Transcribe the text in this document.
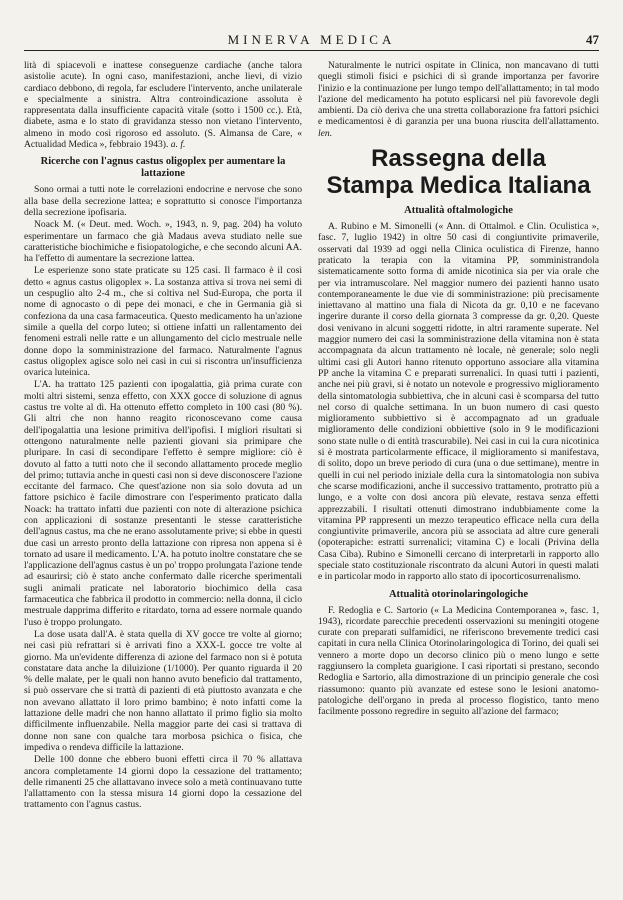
MINERVA MEDICA	47

lità di spiacevoli e inattese conseguenze cardiache (anche talora asistolie acute). In ogni caso, manifestazioni, anche lievi, di vizio cardiaco debbono, di regola, far escludere l'intervento, anche unilaterale e specialmente a sinistra. Altra controindicazione assoluta è rappresentata dalla insufficiente capacità vitale (sotto i 1500 cc.). Età, diabete, asma e lo stato di gravidanza stesso non vietano l'intervento, almeno in modo così rigoroso ed assoluto. (S. Almansa de Care, « Actualidad Medica », febbraio 1943). a. f.

Ricerche con l'agnus castus oligoplex per aumentare la lattazione

Sono ormai a tutti note le correlazioni endocrine e nervose che sono alla base della secrezione lattea; e soprattutto si conosce l'importanza della secrezione ipofisaria.

Noack M. (« Deut. med. Woch. », 1943, n. 9, pag. 204) ha voluto esperimentare un farmaco che già Madaus aveva studiato nelle sue caratteristiche biochimiche e fisiopatologiche, e che secondo alcuni AA. ha l'effetto di aumentare la secrezione lattea.

Le esperienze sono state praticate su 125 casi. Il farmaco è il così detto « agnus castus oligoplex ». La sostanza attiva si trova nei semi di un cespuglio alto 2-4 m., che si coltiva nel Sud-Europa, che porta il nome di agnocasto o di pepe dei monaci, e che in Germania già si confeziona da una casa farmaceutica. Questo medicamento ha un'azione simile a quella del corpo luteo; si ottiene infatti un rallentamento dei fenomeni estrali nelle ratte e un allungamento del ciclo mestruale nelle donne dopo la somministrazione del farmaco. Naturalmente l'agnus castus oligoplex agisce solo nei casi in cui si riscontra un'insufficienza ovarica luteinica.

L'A. ha trattato 125 pazienti con ipogalattia, già prima curate con molti altri sistemi, senza effetto, con XXX gocce di soluzione di agnus castus tre volte al dì. Ha ottenuto effetto completo in 100 casi (80 %). Gli altri che non hanno reagito riconoscevano come causa dell'ipogalattia una lesione primitiva dell'ipofisi. I migliori risultati si ottengono naturalmente nelle pazienti giovani sia primipare che pluripare. In casi di secondipare l'effetto è sempre migliore: ciò è dovuto al fatto a tutti noto che il secondo allattamento procede meglio del primo; tuttavia anche in questi casi non si deve disconoscere l'azione eccitante del farmaco. Che quest'azione non sia solo dovuta ad un fattore psichico è facile dimostrare con l'esperimento praticato dalla Noack: ha trattato infatti due pazienti con note di alterazione psichica con applicazioni di sostanze presentanti le stesse caratteristiche dell'agnus castus, ma che ne erano assolutamente prive; si ebbe in questi due casi un arresto pronto della lattazione con ripresa non appena si è tornato ad usare il medicamento. L'A. ha potuto inoltre constatare che se l'applicazione dell'agnus castus è un po' troppo prolungata l'azione tende ad esaurirsi; ciò è stato anche confermato dalle ricerche sperimentali sugli animali praticate nel laboratorio biochimico della casa farmaceutica che fabbrica il prodotto in commercio: nella donna, il ciclo mestruale dapprima differito e ritardato, torna ad essere normale quando l'uso è troppo prolungato.

La dose usata dall'A. è stata quella di XV gocce tre volte al giorno; nei casi più refrattari si è arrivati fino a XXX-L gocce tre volte al giorno. Ma un'evidente differenza di azione del farmaco non si è potuta constatare data anche la diluizione (1/1000). Per quanto riguarda il 20 % delle malate, per le quali non hanno avuto beneficio dal trattamento, si può osservare che si trattà di pazienti di età piuttosto avanzata e che non avevano allattato il loro primo bambino; è noto infatti come la lattazione delle madri che non hanno allattato il primo figlio sia molto difficilmente influenzabile. Nella maggior parte dei casi si trattava di donne non sane con qualche tara morbosa psichica o fisica, che impediva o rendeva difficile la lattazione.

Delle 100 donne che ebbero buoni effetti circa il 70 % allattava ancora completamente 14 giorni dopo la cessazione del trattamento; delle rimanenti 25 che allattavano invece solo a metà continuavano tutte l'allattamento con la stessa misura 14 giorni dopo la cessazione del trattamento con l'agnus castus.

Naturalmente le nutrici ospitate in Clinica, non mancavano di tutti quegli stimoli fisici e psichici di sì grande importanza per favorire l'inizio e la continuazione per lungo tempo dell'allattamento; in tal modo l'azione del medicamento ha potuto esplicarsi nel più favorevole degli ambienti. Da ciò deriva che una stretta collaborazione fra fattori psichici e medicamentosi è di garanzia per una buona riuscita dell'allattamento. len.

Rassegna della
Stampa Medica Italiana
Attualità oftalmologiche

A. Rubino e M. Simonelli (« Ann. di Ottalmol. e Clin. Oculistica », fasc. 7, luglio 1942) in oltre 50 casi di congiuntivite primaverile, osservati dal 1939 ad oggi nella Clinica oculistica di Firenze, hanno praticato la terapia con la vitamina PP, somministrandola sistematicamente sotto forma di amide nicotinica sia per via orale che per via intramuscolare. Nel maggior numero dei pazienti hanno usato contemporaneamente le due vie di somministrazione: più precisamente iniettavano al mattino una fiala di Nicota da gr. 0,10 e ne facevano ingerire durante il corso della giornata 3 compresse da gr. 0,20. Queste dosi venivano in alcuni soggetti ridotte, in altri raramente superate. Nel maggior numero dei casi la somministrazione della vitamina non è stata accompagnata da alcun trattamento nè locale, nè generale; solo negli ultimi casi gli Autori hanno ritenuto opportuno associare alla vitamina PP anche la vitamina C e preparati surrenalici. In quasi tutti i pazienti, anche nei più gravi, si è notato un notevole e progressivo miglioramento della sintomatologia subbiettiva, che in alcuni casi è scomparsa del tutto nel corso di qualche settimana. In un buon numero di casi questo miglioramento subbiettivo si è accompagnato ad un graduale miglioramento delle condizioni obbiettive (solo in 9 le modificazioni sono state nulle o di entità trascurabile). Nei casi in cui la cura nicotinica si è mostrata particolarmente efficace, il miglioramento si manifestava, di solito, dopo un breve periodo di cura (una o due settimane), mentre in quelli in cui nel periodo iniziale della cura la sintomatologia non subiva che scarse modificazioni, anche il successivo trattamento, protratto più a lungo, e a volte con dosi ancora più elevate, restava senza effetti apprezzabili. I risultati ottenuti dimostrano indubbiamente come la vitamina PP rappresenti un mezzo terapeutico efficace nella cura della congiuntivite primaverile, ancora più se associata ad altre cure generali (opoterapiche: estratti surrenalici; vitamina C) e locali (Privina della Casa Ciba). Rubino e Simonelli cercano di interpretarli in rapporto allo speciale stato costituzionale riscontrato da alcuni Autori in questi malati e in particolar modo in rapporto allo stato di ipocorticosurrenalismo.

Attualità otorinolaringologiche

F. Redoglia e C. Sartorio (« La Medicina Contemporanea », fasc. 1, 1943), ricordate parecchie precedenti osservazioni su meningiti otogene curate con preparati sulfamidici, ne riferiscono brevemente tredici casi capitati in cura nella Clinica Otorinolaringologica di Torino, dei quali sei vennero a morte dopo un decorso clinico più o meno lungo e sette raggiunsero la completa guarigione. I casi riportati si prestano, secondo Redoglia e Sartorio, alla dimostrazione di un principio generale che così riassumono: quanto più avanzate ed estese sono le lesioni anatomo-patologiche dell'organo in preda al processo flogistico, tanto meno facilmente possono regredire in seguito all'azione del farmaco;
